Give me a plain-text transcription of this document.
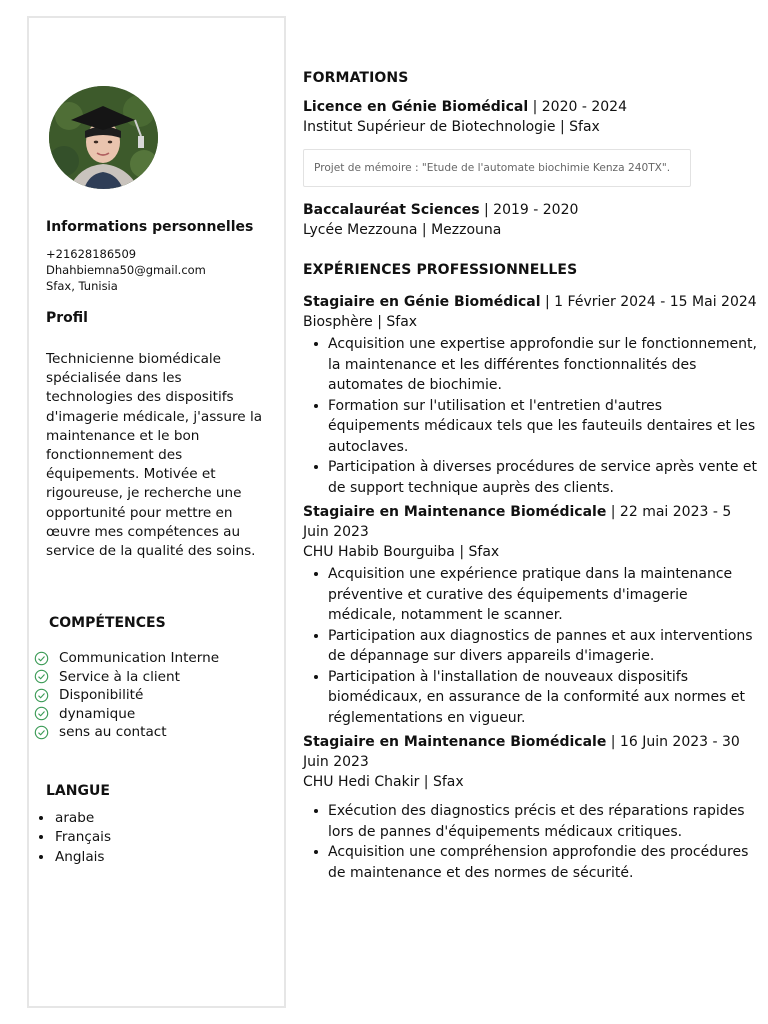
Informations personnelles
+21628186509
Dhahbiemna50@gmail.com
Sfax, Tunisia
Profil
Technicienne biomédicale spécialisée dans les technologies des dispositifs d'imagerie médicale, j'assure la maintenance et le bon fonctionnement des équipements. Motivée et rigoureuse, je recherche une opportunité pour mettre en œuvre mes compétences au service de la qualité des soins.
COMPÉTENCES
Communication Interne
Service à la client
Disponibilité
dynamique
sens au contact
LANGUE
arabe
Français
Anglais
FORMATIONS
Licence en Génie Biomédical | 2020 - 2024
Institut Supérieur de Biotechnologie | Sfax
Projet de mémoire : "Etude de l'automate biochimie Kenza 240TX".
Baccalauréat Sciences | 2019 - 2020
Lycée Mezzouna | Mezzouna
EXPÉRIENCES PROFESSIONNELLES
Stagiaire en Génie Biomédical | 1 Février 2024 - 15 Mai 2024
Biosphère | Sfax
Acquisition une expertise approfondie sur le fonctionnement, la maintenance et les différentes fonctionnalités des automates de biochimie.
Formation sur l'utilisation et l'entretien d'autres équipements médicaux tels que les fauteuils dentaires et les autoclaves.
Participation à diverses procédures de service après vente et de support technique auprès des clients.
Stagiaire en Maintenance Biomédicale | 22 mai 2023 - 5 Juin 2023
CHU Habib Bourguiba | Sfax
Acquisition une expérience pratique dans la maintenance préventive et curative des équipements d'imagerie médicale, notamment le scanner.
Participation aux diagnostics de pannes et aux interventions de dépannage sur divers appareils d'imagerie.
Participation à l'installation de nouveaux dispositifs biomédicaux, en assurance de la conformité aux normes et réglementations en vigueur.
Stagiaire en Maintenance Biomédicale | 16 Juin 2023 - 30 Juin 2023
CHU Hedi Chakir | Sfax
Exécution des diagnostics précis et des réparations rapides lors de pannes d'équipements médicaux critiques.
Acquisition une compréhension approfondie des procédures de maintenance et des normes de sécurité.
